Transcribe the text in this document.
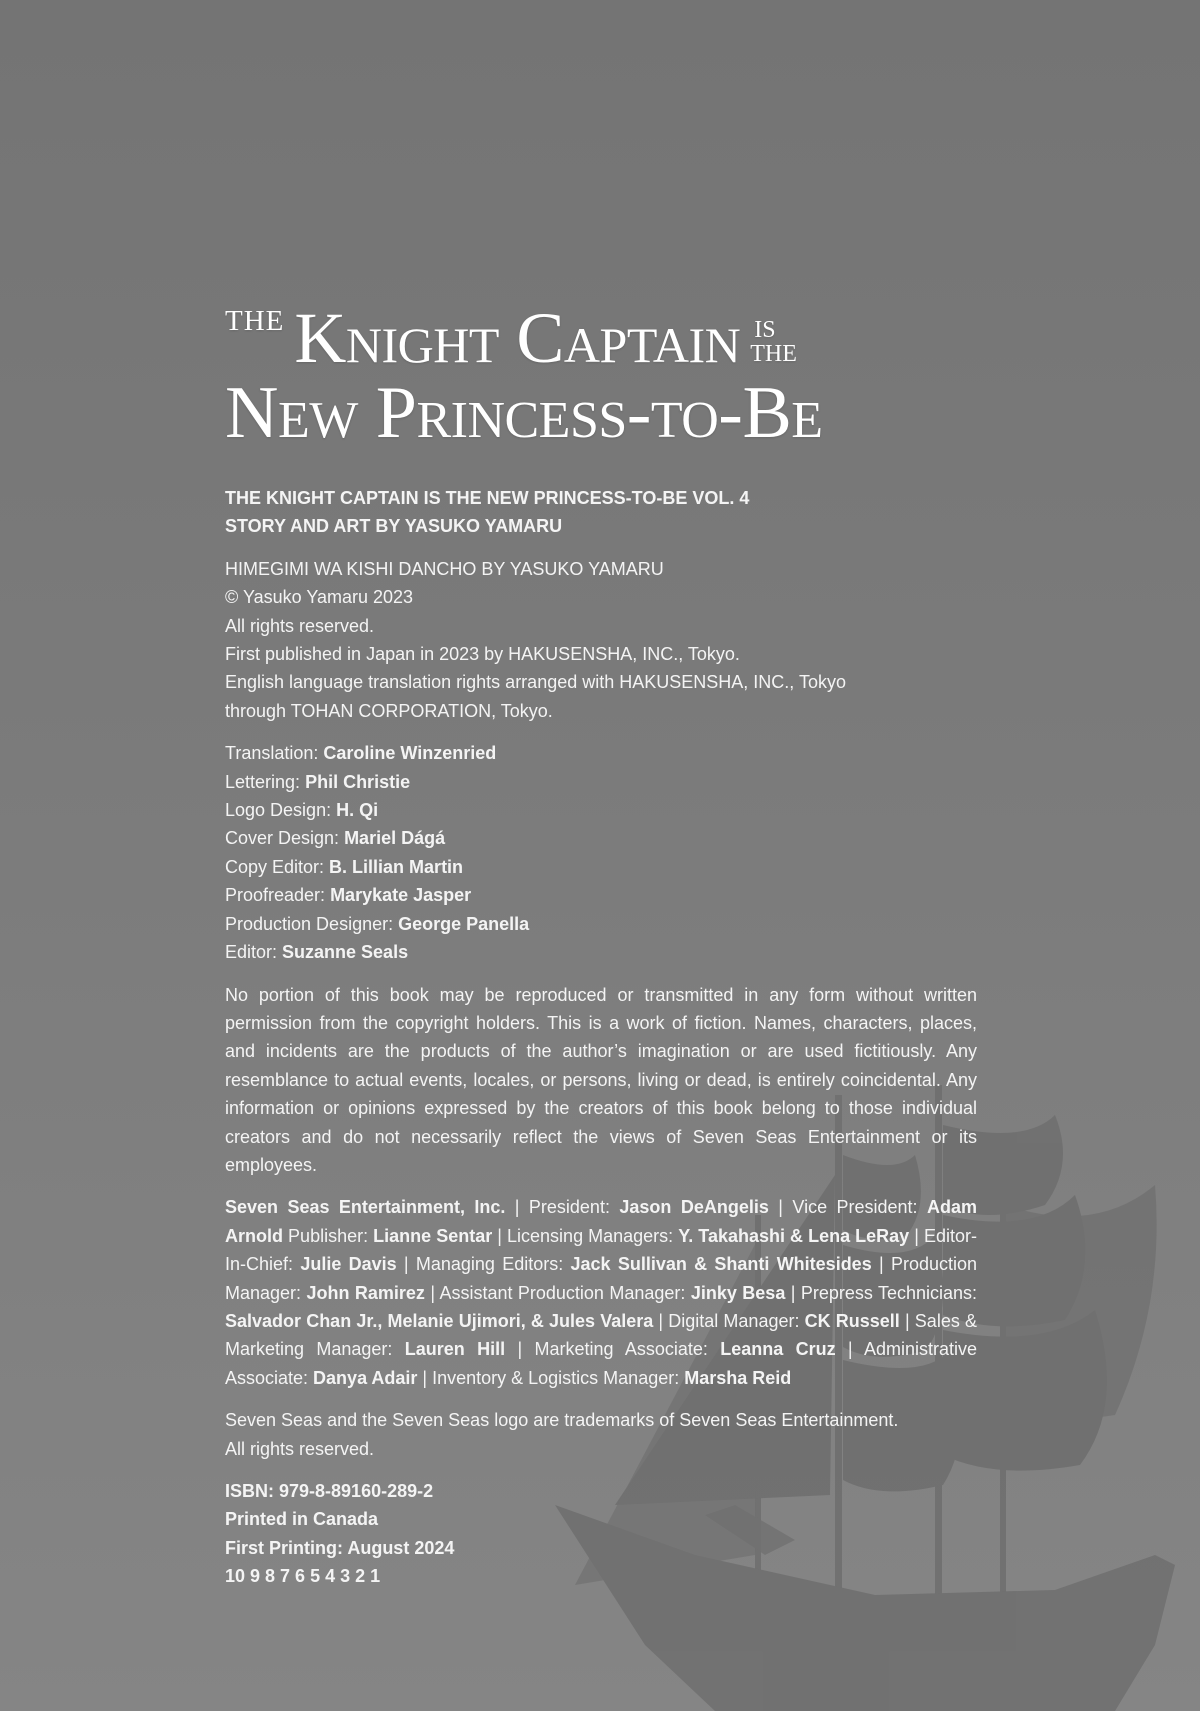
THE Knight Captain IS
THE
New Princess-to-Be

THE KNIGHT CAPTAIN IS THE NEW PRINCESS-TO-BE VOL. 4

STORY AND ART BY YASUKO YAMARU

HIMEGIMI WA KISHI DANCHO BY YASUKO YAMARU

© Yasuko Yamaru 2023

All rights reserved.

First published in Japan in 2023 by HAKUSENSHA, INC., Tokyo.

English language translation rights arranged with HAKUSENSHA, INC., Tokyo

through TOHAN CORPORATION, Tokyo.

Translation: Caroline Winzenried

Lettering: Phil Christie

Logo Design: H. Qi

Cover Design: Mariel Dágá

Copy Editor: B. Lillian Martin

Proofreader: Marykate Jasper

Production Designer: George Panella

Editor: Suzanne Seals

No portion of this book may be reproduced or transmitted in any form without written permission from the copyright holders. This is a work of fiction. Names, characters, places, and incidents are the products of the author’s imagination or are used fictitiously. Any resemblance to actual events, locales, or persons, living or dead, is entirely coincidental. Any information or opinions expressed by the creators of this book belong to those individual creators and do not necessarily reflect the views of Seven Seas Entertainment or its employees.

Seven Seas Entertainment, Inc. | President: Jason DeAngelis | Vice President: Adam Arnold Publisher: Lianne Sentar | Licensing Managers: Y. Takahashi & Lena LeRay | Editor-In-Chief: Julie Davis | Managing Editors: Jack Sullivan & Shanti Whitesides | Production Manager: John Ramirez | Assistant Production Manager: Jinky Besa | Prepress Technicians: Salvador Chan Jr., Melanie Ujimori, & Jules Valera | Digital Manager: CK Russell | Sales & Marketing Manager: Lauren Hill | Marketing Associate: Leanna Cruz | Administrative Associate: Danya Adair | Inventory & Logistics Manager: Marsha Reid

Seven Seas and the Seven Seas logo are trademarks of Seven Seas Entertainment.

All rights reserved.

ISBN: 979-8-89160-289-2

Printed in Canada

First Printing: August 2024

10 9 8 7 6 5 4 3 2 1
